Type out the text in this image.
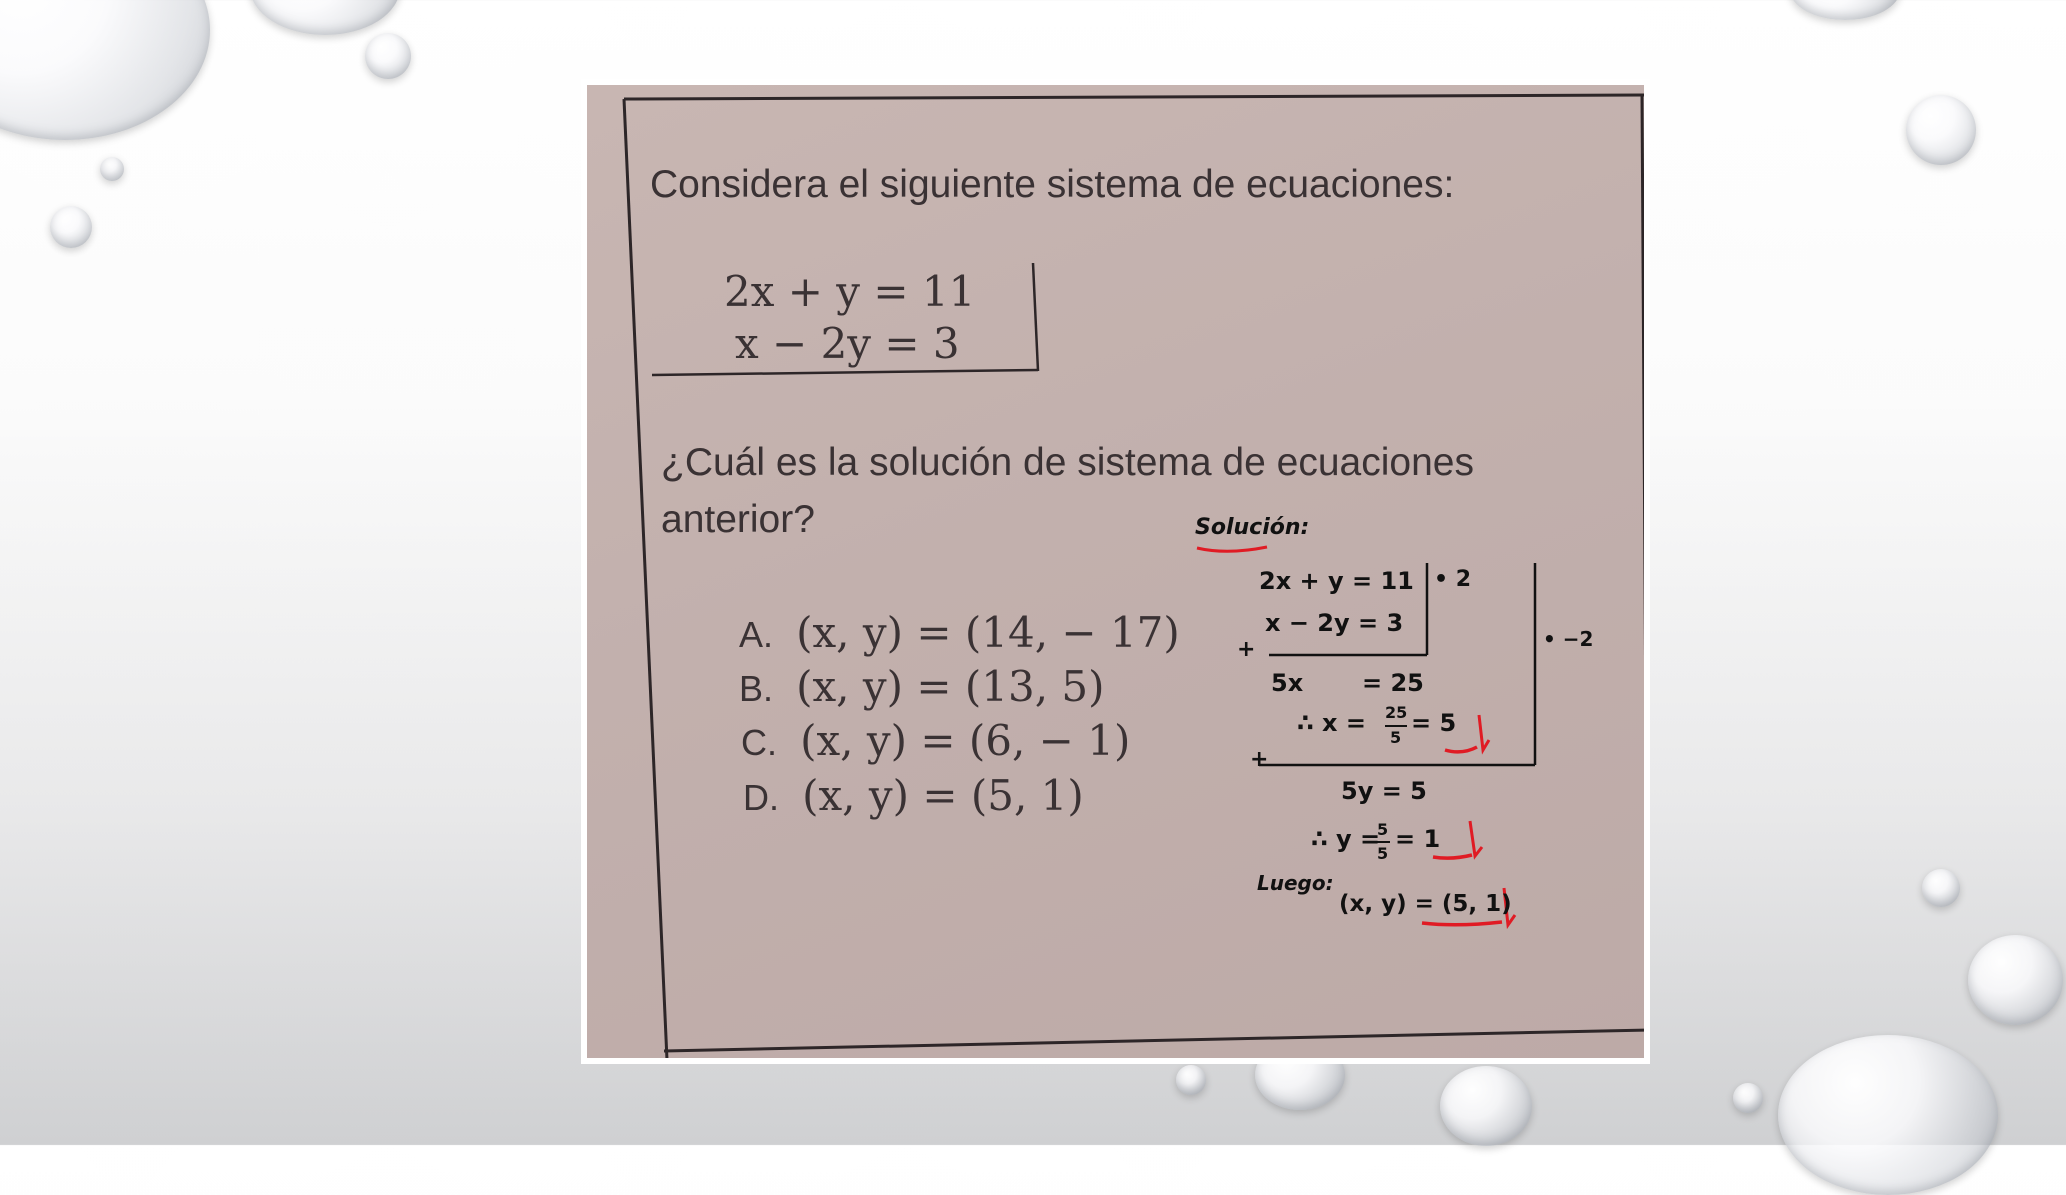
Considera el siguiente sistema de ecuaciones:
2x + y = 11
x − 2y = 3
¿Cuál es la solución de sistema de ecuaciones
anterior?
A. (x, y) = (14, − 17)
B. (x, y) = (13, 5)
C. (x, y) = (6, − 1)
D. (x, y) = (5, 1)
Solución:
2x + y = 11
x − 2y = 3
• 2
• −2
+
5x = 25
∴ x = 25
5
= 5
+
5y = 5
∴ y =
5
5
= 1
Luego:
(x, y) = (5, 1)
